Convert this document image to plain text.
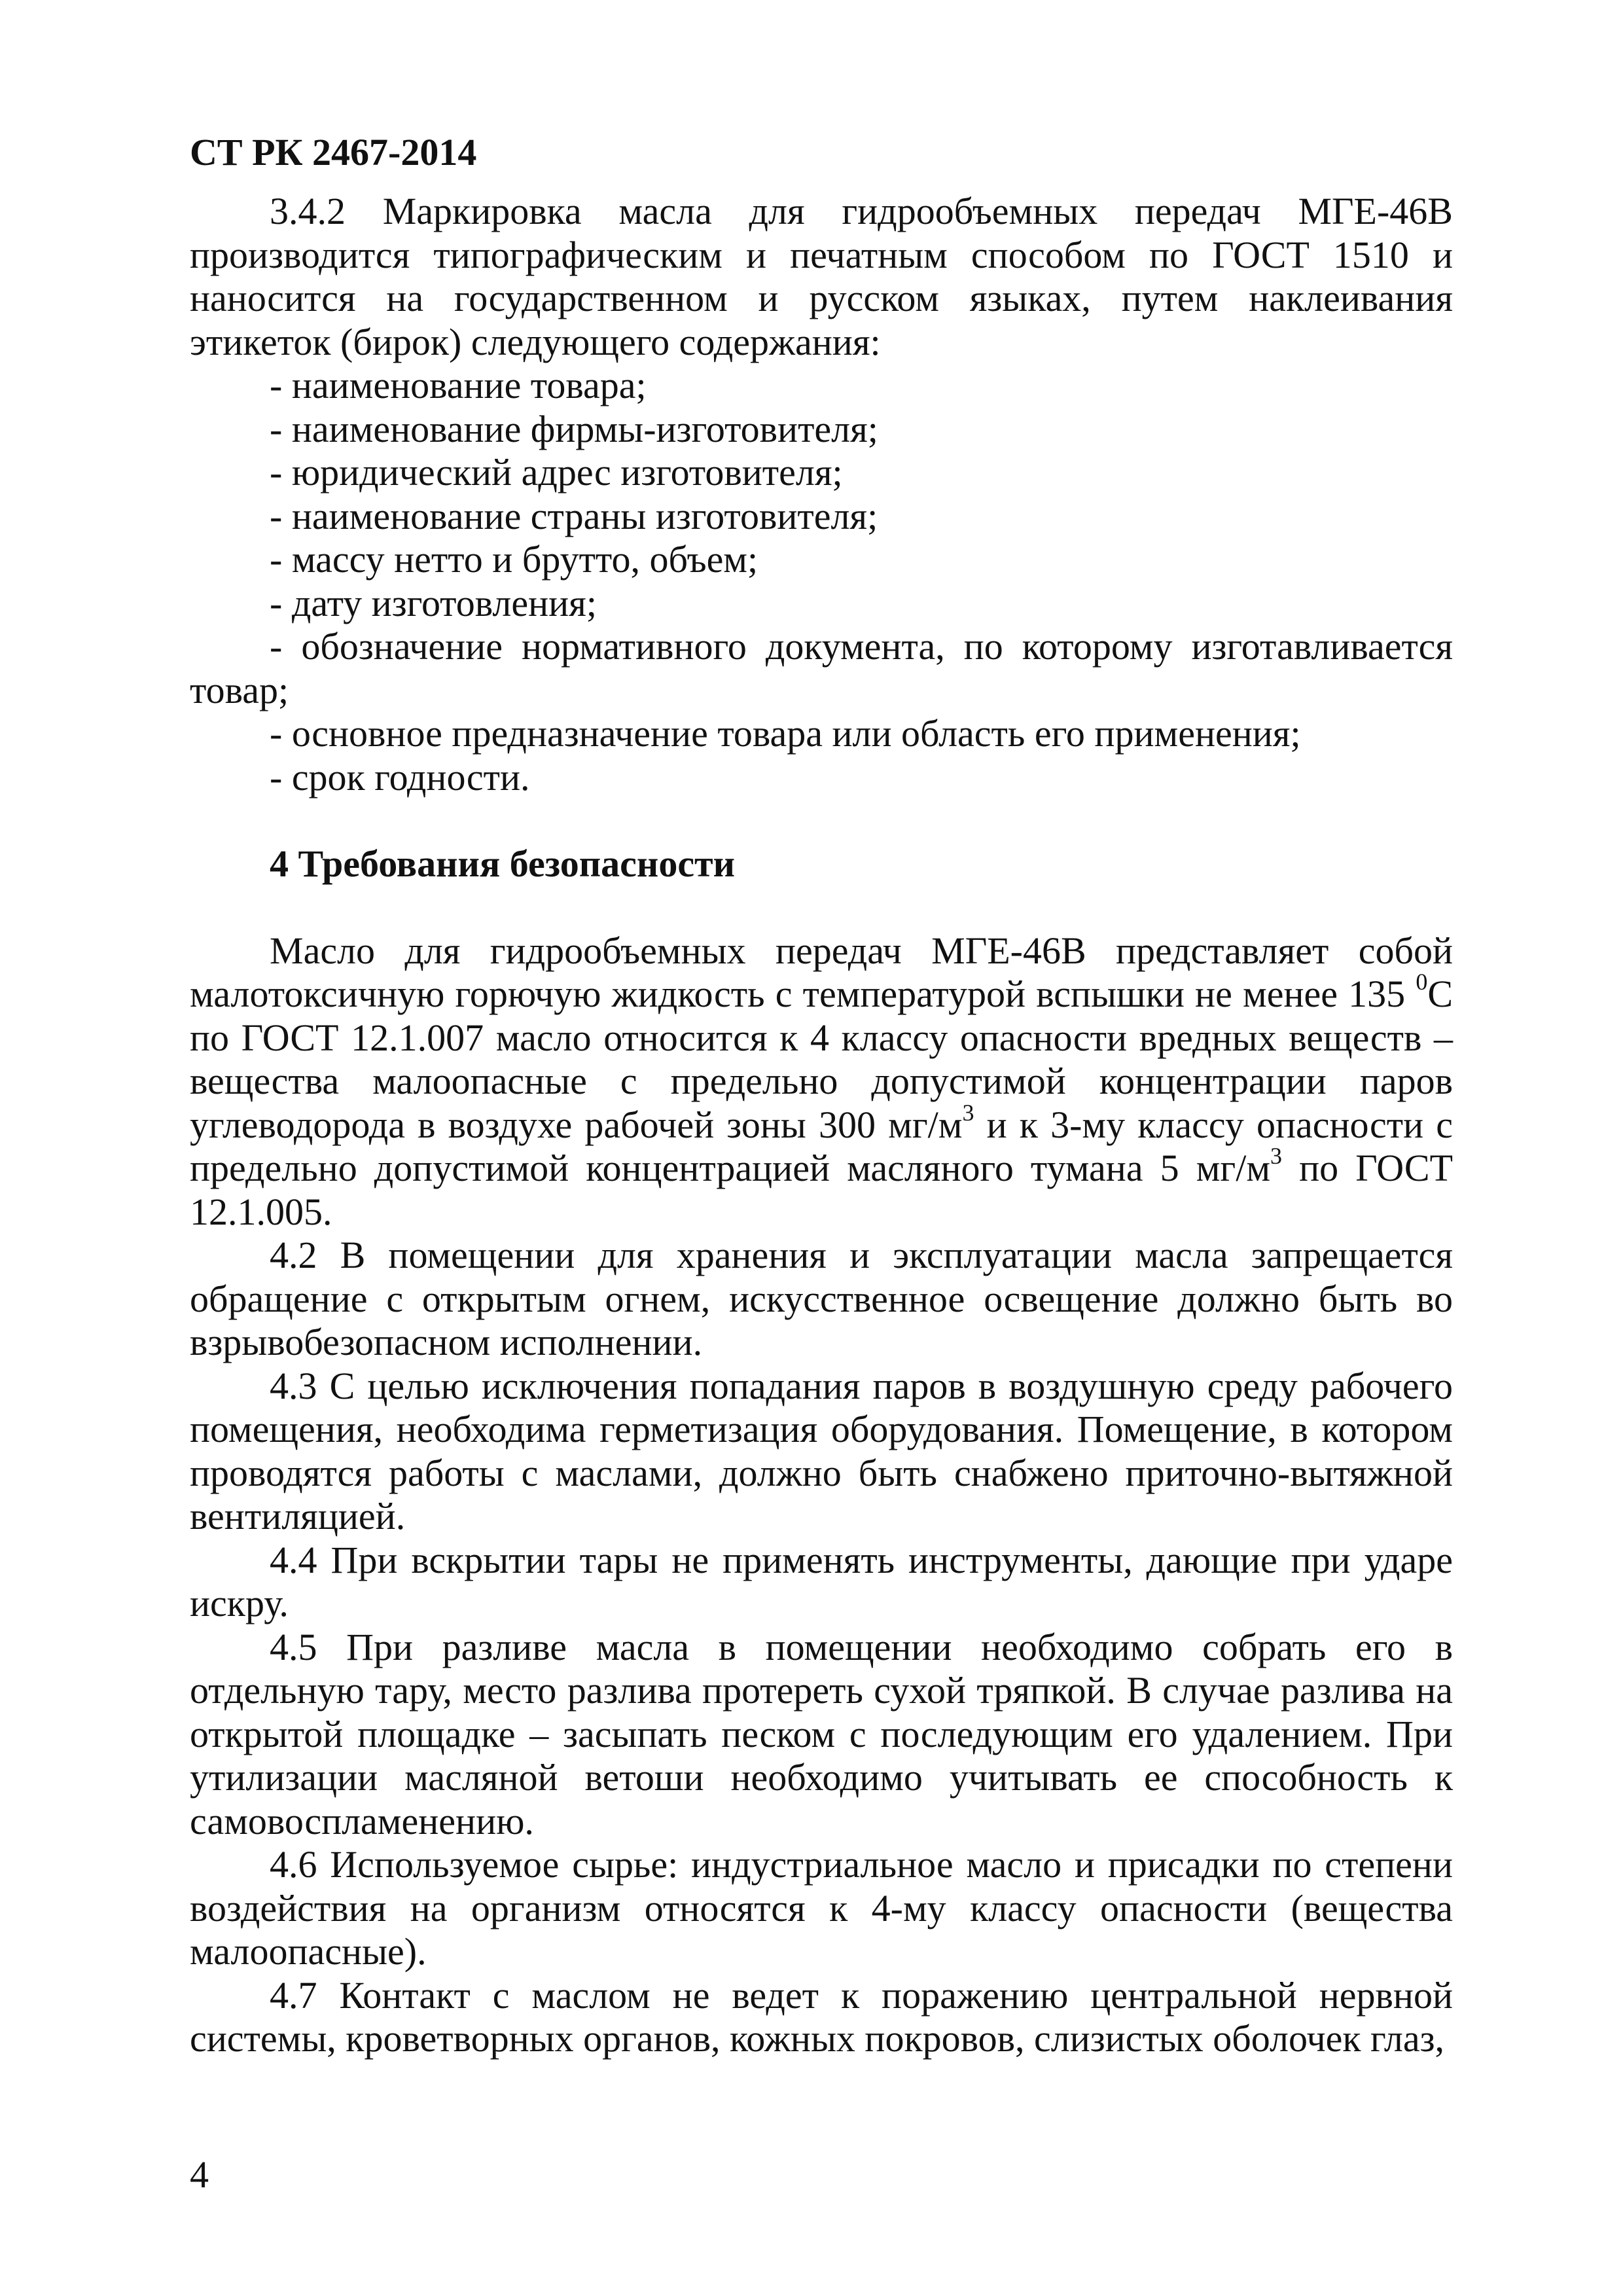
СТ РК 2467-2014

3.4.2 Маркировка масла для гидрообъемных передач МГЕ-46В производится типографическим и печатным способом по ГОСТ 1510 и наносится на государственном и русском языках, путем наклеивания этикеток (бирок) следующего содержания:

- наименование товара;

- наименование фирмы-изготовителя;

- юридический адрес изготовителя;

- наименование страны изготовителя;

- массу нетто и брутто, объем;

- дату изготовления;

- обозначение нормативного документа, по которому изготавливается товар;

- основное предназначение товара или область его применения;

- срок годности.

4 Требования безопасности

Масло для гидрообъемных передач МГЕ-46В представляет собой малотоксичную горючую жидкость с температурой вспышки не менее 135 $^0$С по ГОСТ 12.1.007 масло относится к 4 классу опасности вредных веществ – вещества малоопасные с предельно допустимой концентрации паров углеводорода в воздухе рабочей зоны 300 $мг/м^3$ и к 3-му классу опасности с предельно допустимой концентрацией масляного тумана 5 $мг/м^3$ по ГОСТ 12.1.005.

4.2 В помещении для хранения и эксплуатации масла запрещается обращение с открытым огнем, искусственное освещение должно быть во взрывобезопасном исполнении.

4.3 С целью исключения попадания паров в воздушную среду рабочего помещения, необходима герметизация оборудования. Помещение, в котором проводятся работы с маслами, должно быть снабжено приточно-вытяжной вентиляцией.

4.4 При вскрытии тары не применять инструменты, дающие при ударе искру.

4.5 При разливе масла в помещении необходимо собрать его в отдельную тару, место разлива протереть сухой тряпкой. В случае разлива на открытой площадке – засыпать песком с последующим его удалением. При утилизации масляной ветоши необходимо учитывать ее способность к самовоспламенению.

4.6 Используемое сырье: индустриальное масло и присадки по степени воздействия на организм относятся к 4-му классу опасности (вещества малоопасные).

4.7 Контакт с маслом не ведет к поражению центральной нервной системы, кроветворных органов, кожных покровов, слизистых оболочек глаз,

4
